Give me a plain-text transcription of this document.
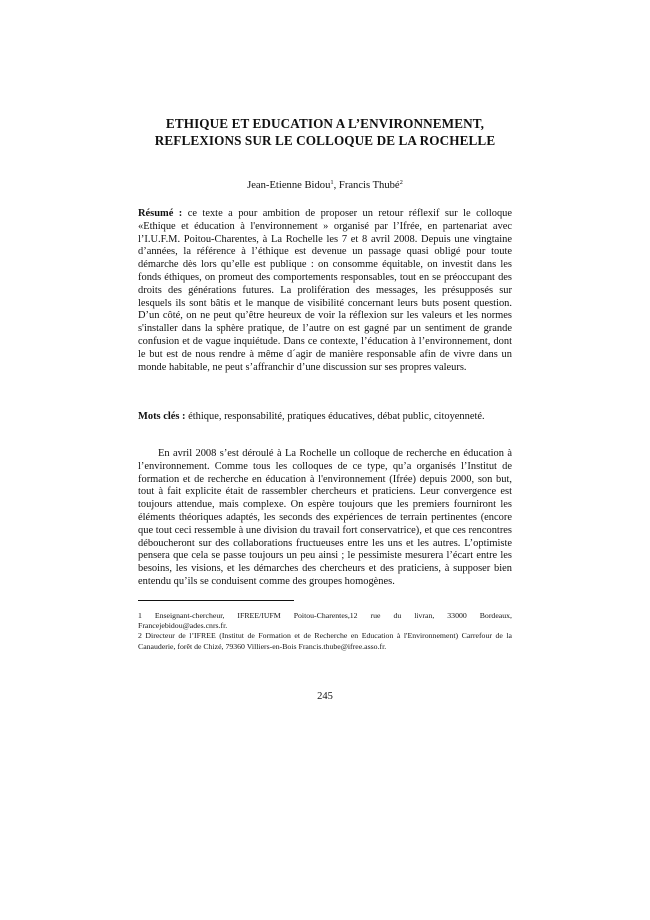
ETHIQUE ET EDUCATION A L’ENVIRONNEMENT,
REFLEXIONS SUR LE COLLOQUE DE LA ROCHELLE
Jean-Etienne Bidou$^1$, Francis Thubé$^2$
Résumé : ce texte a pour ambition de proposer un retour réflexif sur le colloque «Ethique et éducation à l'environnement » organisé par l’Ifrée, en partenariat avec l’I.U.F.M. Poitou-Charentes, à La Rochelle les 7 et 8 avril 2008. Depuis une vingtaine d’années, la référence à l’éthique est devenue un passage quasi obligé pour toute démarche dès lors qu’elle est publique : on consomme équitable, on investit dans les fonds éthiques, on promeut des comportements responsables, tout en se préoccupant des droits des générations futures. La prolifération des messages, les présupposés sur lesquels ils sont bâtis et le manque de visibilité concernant leurs buts posent question. D’un côté, on ne peut qu’être heureux de voir la réflexion sur les valeurs et les normes s'installer dans la sphère pratique, de l’autre on est gagné par un sentiment de grande confusion et de vague inquiétude. Dans ce contexte, l’éducation à l’environnement, dont le but est de nous rendre à même d´agir de manière responsable afin de vivre dans un monde habitable, ne peut s’affranchir d’une discussion sur ses propres valeurs.
Mots clés : éthique, responsabilité, pratiques éducatives, débat public, citoyenneté.
En avril 2008 s’est déroulé à La Rochelle un colloque de recherche en éducation à l’environnement. Comme tous les colloques de ce type, qu’a organisés l’Institut de formation et de recherche en éducation à l'environnement (Ifrée) depuis 2000, son but, tout à fait explicite était de rassembler chercheurs et praticiens. Leur convergence est toujours attendue, mais complexe. On espère toujours que les premiers fourniront les éléments théoriques adaptés, les seconds des expériences de terrain pertinentes (encore que tout ceci ressemble à une division du travail fort conservatrice), et que ces rencontres déboucheront sur des collaborations fructueuses entre les uns et les autres. L’optimiste pensera que cela se passe toujours un peu ainsi ; le pessimiste mesurera l’écart entre les besoins, les visions, et les démarches des chercheurs et des praticiens, à supposer bien entendu qu’ils se conduisent comme des groupes homogènes.
1 Enseignant-chercheur, IFREE/IUFM Poitou-Charentes,12 rue du livran, 33000 Bordeaux, Francejebidou@ades.cnrs.fr.
2 Directeur de l’IFREE (Institut de Formation et de Recherche en Education à l'Environnement) Carrefour de la Canauderie, forêt de Chizé, 79360 Villiers-en-Bois Francis.thube@ifree.asso.fr.
245
